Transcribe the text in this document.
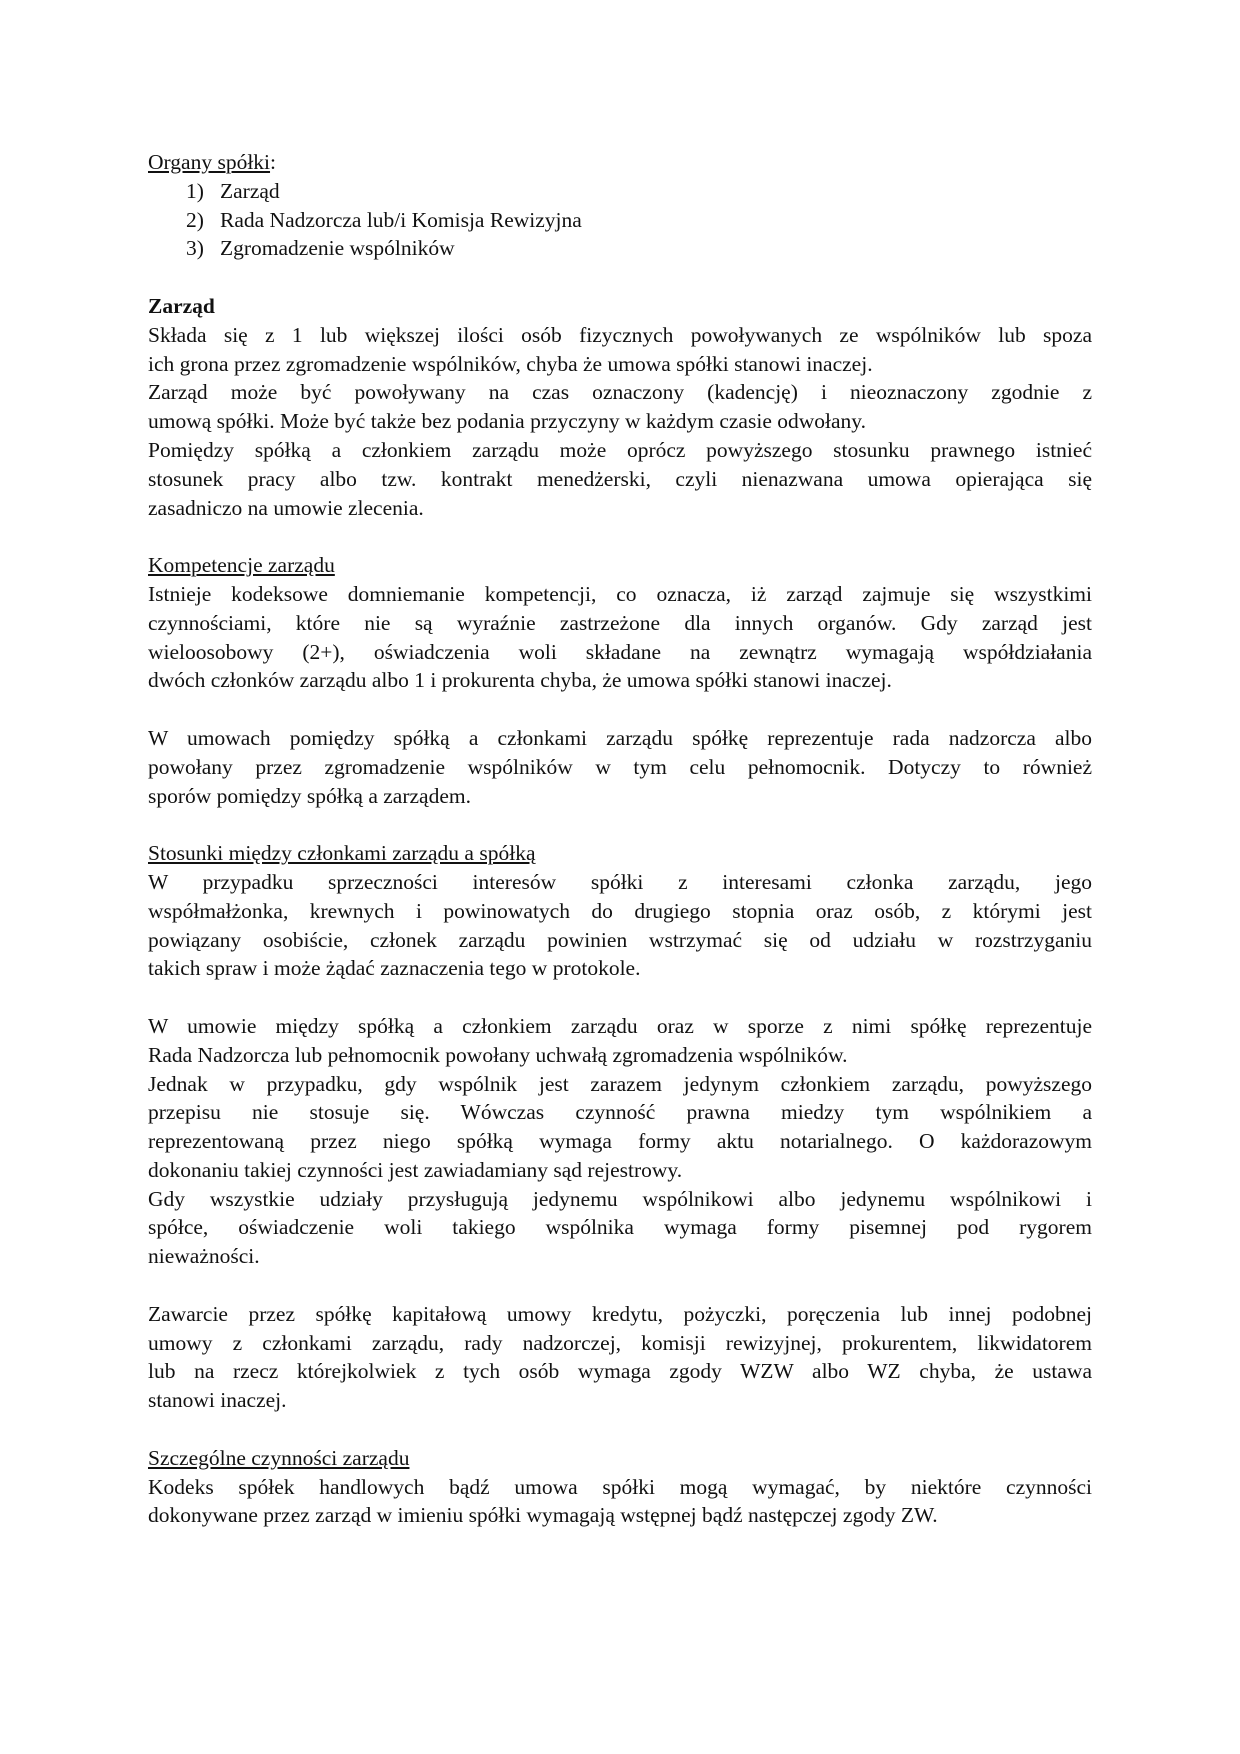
Organy spółki:
1) Zarząd
2) Rada Nadzorcza lub/i Komisja Rewizyjna
3) Zgromadzenie wspólników
Zarząd
Składa się z 1 lub większej ilości osób fizycznych powoływanych ze wspólników lub spoza
ich grona przez zgromadzenie wspólników, chyba że umowa spółki stanowi inaczej.
Zarząd może być powoływany na czas oznaczony (kadencję) i nieoznaczony zgodnie z
umową spółki. Może być także bez podania przyczyny w każdym czasie odwołany.
Pomiędzy spółką a członkiem zarządu może oprócz powyższego stosunku prawnego istnieć
stosunek pracy albo tzw. kontrakt menedżerski, czyli nienazwana umowa opierająca się
zasadniczo na umowie zlecenia.
Kompetencje zarządu
Istnieje kodeksowe domniemanie kompetencji, co oznacza, iż zarząd zajmuje się wszystkimi
czynnościami, które nie są wyraźnie zastrzeżone dla innych organów. Gdy zarząd jest
wieloosobowy (2+), oświadczenia woli składane na zewnątrz wymagają współdziałania
dwóch członków zarządu albo 1 i prokurenta chyba, że umowa spółki stanowi inaczej.
W umowach pomiędzy spółką a członkami zarządu spółkę reprezentuje rada nadzorcza albo
powołany przez zgromadzenie wspólników w tym celu pełnomocnik. Dotyczy to również
sporów pomiędzy spółką a zarządem.
Stosunki między członkami zarządu a spółką
W przypadku sprzeczności interesów spółki z interesami członka zarządu, jego
współmałżonka, krewnych i powinowatych do drugiego stopnia oraz osób, z którymi jest
powiązany osobiście, członek zarządu powinien wstrzymać się od udziału w rozstrzyganiu
takich spraw i może żądać zaznaczenia tego w protokole.
W umowie między spółką a członkiem zarządu oraz w sporze z nimi spółkę reprezentuje
Rada Nadzorcza lub pełnomocnik powołany uchwałą zgromadzenia wspólników.
Jednak w przypadku, gdy wspólnik jest zarazem jedynym członkiem zarządu, powyższego
przepisu nie stosuje się. Wówczas czynność prawna miedzy tym wspólnikiem a
reprezentowaną przez niego spółką wymaga formy aktu notarialnego. O każdorazowym
dokonaniu takiej czynności jest zawiadamiany sąd rejestrowy.
Gdy wszystkie udziały przysługują jedynemu wspólnikowi albo jedynemu wspólnikowi i
spółce, oświadczenie woli takiego wspólnika wymaga formy pisemnej pod rygorem
nieważności.
Zawarcie przez spółkę kapitałową umowy kredytu, pożyczki, poręczenia lub innej podobnej
umowy z członkami zarządu, rady nadzorczej, komisji rewizyjnej, prokurentem, likwidatorem
lub na rzecz którejkolwiek z tych osób wymaga zgody WZW albo WZ chyba, że ustawa
stanowi inaczej.
Szczególne czynności zarządu
Kodeks spółek handlowych bądź umowa spółki mogą wymagać, by niektóre czynności
dokonywane przez zarząd w imieniu spółki wymagają wstępnej bądź następczej zgody ZW.
